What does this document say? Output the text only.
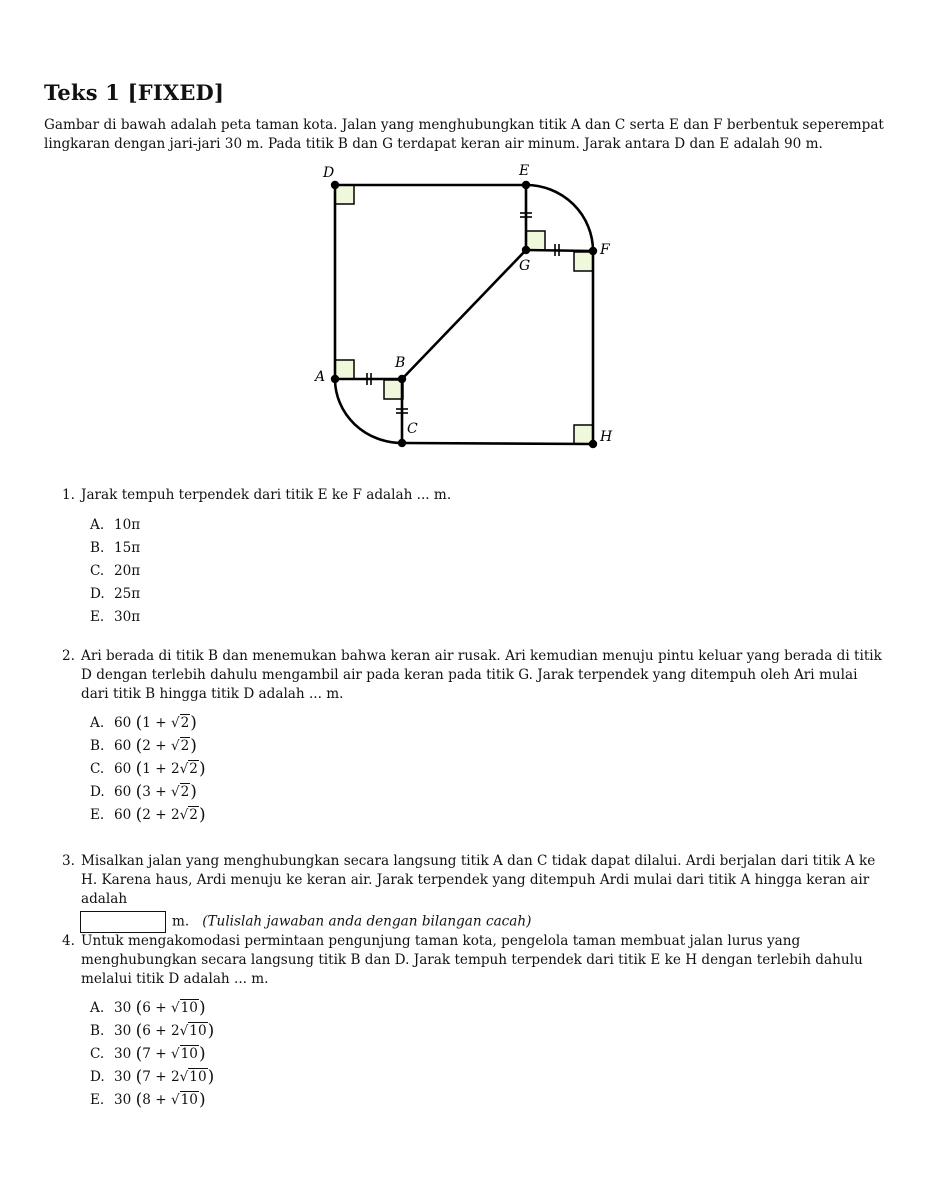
Teks 1 [FIXED]

Gambar di bawah adalah peta taman kota. Jalan yang menghubungkan titik A dan C serta E dan F berbentuk seperempat lingkaran dengan jari-jari 30 m. Pada titik B dan G terdapat keran air minum. Jarak antara D dan E adalah 90 m.

D	E
F
G
A
B
C	H
1. Jarak tempuh terpendek dari titik E ke F adalah ... m.
A. 10π
B. 15π
C. 20π
D. 25π
E. 30π
2. Ari berada di titik B dan menemukan bahwa keran air rusak. Ari kemudian menuju pintu keluar yang berada di titik D dengan terlebih dahulu mengambil air pada keran pada titik G. Jarak terpendek yang ditempuh oleh Ari mulai dari titik B hingga titik D adalah ... m.
A. 60 (1 + √2)
B. 60 (2 + √2)
C. 60 (1 + 2√2)
D. 60 (3 + √2)
E. 60 (2 + 2√2)
3. Misalkan jalan yang menghubungkan secara langsung titik A dan C tidak dapat dilalui. Ardi berjalan dari titik A ke H. Karena haus, Ardi menuju ke keran air. Jarak terpendek yang ditempuh Ardi mulai dari titik A hingga keran air adalah
m. (Tulislah jawaban anda dengan bilangan cacah)
4. Untuk mengakomodasi permintaan pengunjung taman kota, pengelola taman membuat jalan lurus yang menghubungkan secara langsung titik B dan D. Jarak tempuh terpendek dari titik E ke H dengan terlebih dahulu melalui titik D adalah ... m.
A. 30 (6 + √10)
B. 30 (6 + 2√10)
C. 30 (7 + √10)
D. 30 (7 + 2√10)
E. 30 (8 + √10)
